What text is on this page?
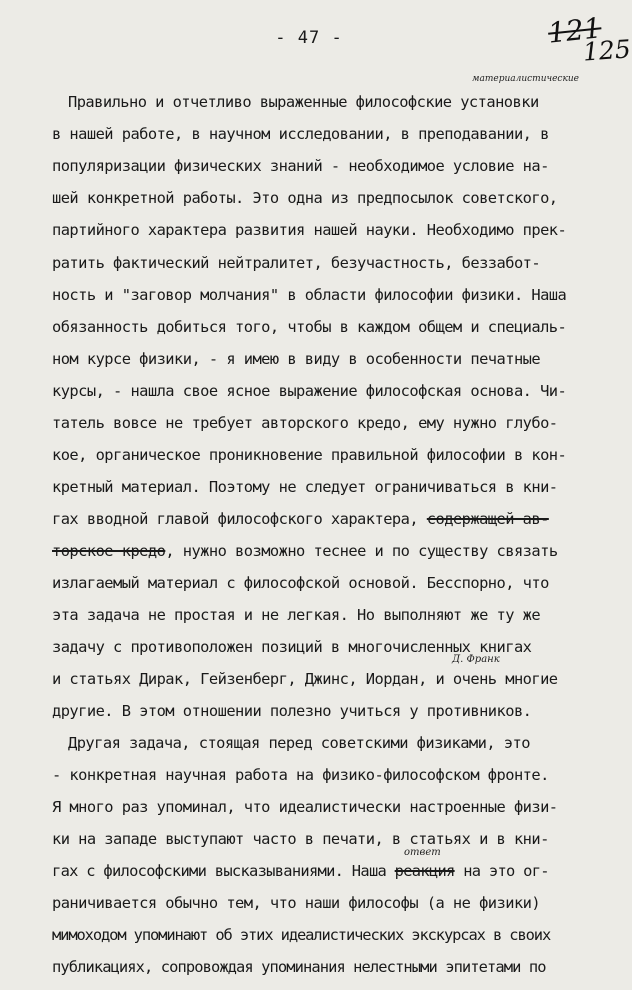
- 47 -	121
125
материалистические
Правильно и отчетливо выраженные философские установки
в нашей работе, в научном исследовании, в преподавании, в
популяризации физических знаний - необходимое условие на-
шей конкретной работы. Это одна из предпосылок советского,
партийного характера развития нашей науки. Необходимо прек-
ратить фактический нейтралитет, безучастность, беззабот-
ность и "заговор молчания" в области философии физики. Наша
обязанность добиться того, чтобы в каждом общем и специаль-
ном курсе физики, - я имею в виду в особенности печатные
курсы, - нашла свое ясное выражение философская основа. Чи-
татель вовсе не требует авторского кредо, ему нужно глубо-
кое, органическое проникновение правильной философии в кон-
кретный материал. Поэтому не следует ограничиваться в кни-
гах вводной главой философского характера, содержащей ав-
торское кредо, нужно возможно теснее и по существу связать
излагаемый материал с философской основой. Бесспорно, что
эта задача не простая и не легкая. Но выполняют же ту же
задачу с противоположен позиций в многочисленных книгах
Д. Франк
и статьях Дирак, Гейзенберг, Джинс, Иордан, и очень многие
другие. В этом отношении полезно учиться у противников.
Другая задача, стоящая перед советскими физиками, это
- конкретная научная работа на физико-философском фронте.
Я много раз упоминал, что идеалистически настроенные физи-
ки на западе выступают часто в печати, в статьях и в кни-
ответ
гах с философскими высказываниями. Наша реакция на это ог-
раничивается обычно тем, что наши философы (а не физики)
мимоходом упоминают об этих идеалистических экскурсах в своих
публикациях, сопровождая упоминания нелестными эпитетами по
